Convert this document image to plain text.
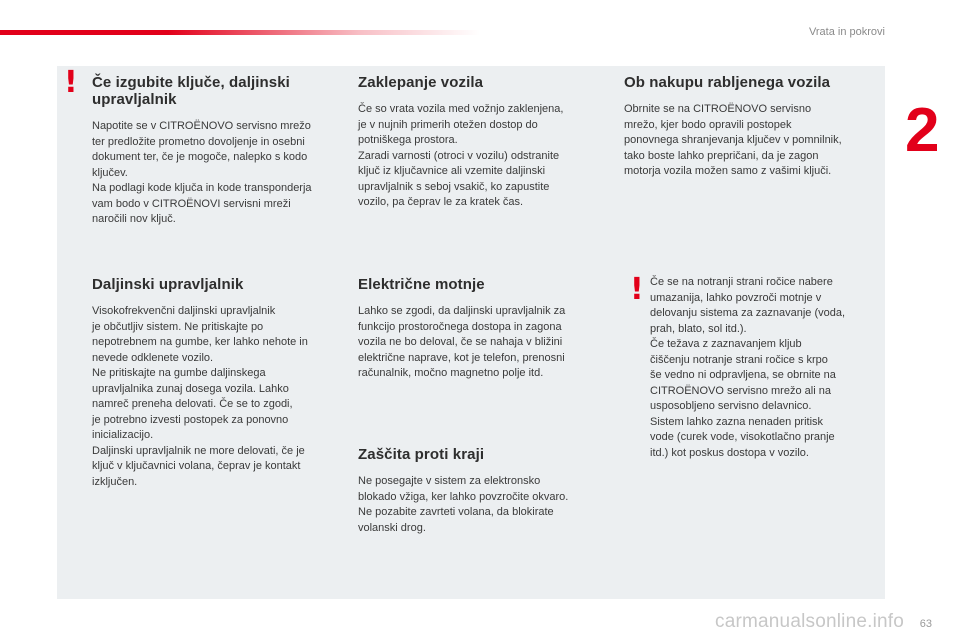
Vrata in pokrovi
2
! Če izgubite ključe, daljinski upravljalnik

Napotite se v CITROËNOVO servisno mrežo
ter predložite prometno dovoljenje in osebni
dokument ter, če je mogoče, nalepko s kodo
ključev.
Na podlagi kode ključa in kode transponderja
vam bodo v CITROËNOVI servisni mreži
naročili nov ključ.

Daljinski upravljalnik

Visokofrekvenčni daljinski upravljalnik
je občutljiv sistem. Ne pritiskajte po
nepotrebnem na gumbe, ker lahko nehote in
nevede odklenete vozilo.
Ne pritiskajte na gumbe daljinskega
upravljalnika zunaj dosega vozila. Lahko
namreč preneha delovati. Če se to zgodi,
je potrebno izvesti postopek za ponovno
inicializacijo.
Daljinski upravljalnik ne more delovati, če je
ključ v ključavnici volana, čeprav je kontakt
izključen.

Zaklepanje vozila

Če so vrata vozila med vožnjo zaklenjena,
je v nujnih primerih otežen dostop do
potniškega prostora.
Zaradi varnosti (otroci v vozilu) odstranite
ključ iz ključavnice ali vzemite daljinski
upravljalnik s seboj vsakič, ko zapustite
vozilo, pa čeprav le za kratek čas.

Električne motnje

Lahko se zgodi, da daljinski upravljalnik za
funkcijo prostoročnega dostopa in zagona
vozila ne bo deloval, če se nahaja v bližini
električne naprave, kot je telefon, prenosni
računalnik, močno magnetno polje itd.

Zaščita proti kraji

Ne posegajte v sistem za elektronsko
blokado vžiga, ker lahko povzročite okvaro.
Ne pozabite zavrteti volana, da blokirate
volanski drog.

Ob nakupu rabljenega vozila

Obrnite se na CITROËNOVO servisno
mrežo, kjer bodo opravili postopek
ponovnega shranjevanja ključev v pomnilnik,
tako boste lahko prepričani, da je zagon
motorja vozila možen samo z vašimi ključi.

! Če se na notranji strani ročice nabere
umazanija, lahko povzroči motnje v
delovanju sistema za zaznavanje (voda,
prah, blato, sol itd.).
Če težava z zaznavanjem kljub
čiščenju notranje strani ročice s krpo
še vedno ni odpravljena, se obrnite na
CITROËNOVO servisno mrežo ali na
usposobljeno servisno delavnico.
Sistem lahko zazna nenaden pritisk
vode (curek vode, visokotlačno pranje
itd.) kot poskus dostopa v vozilo.

carmanualsonline.info 63
